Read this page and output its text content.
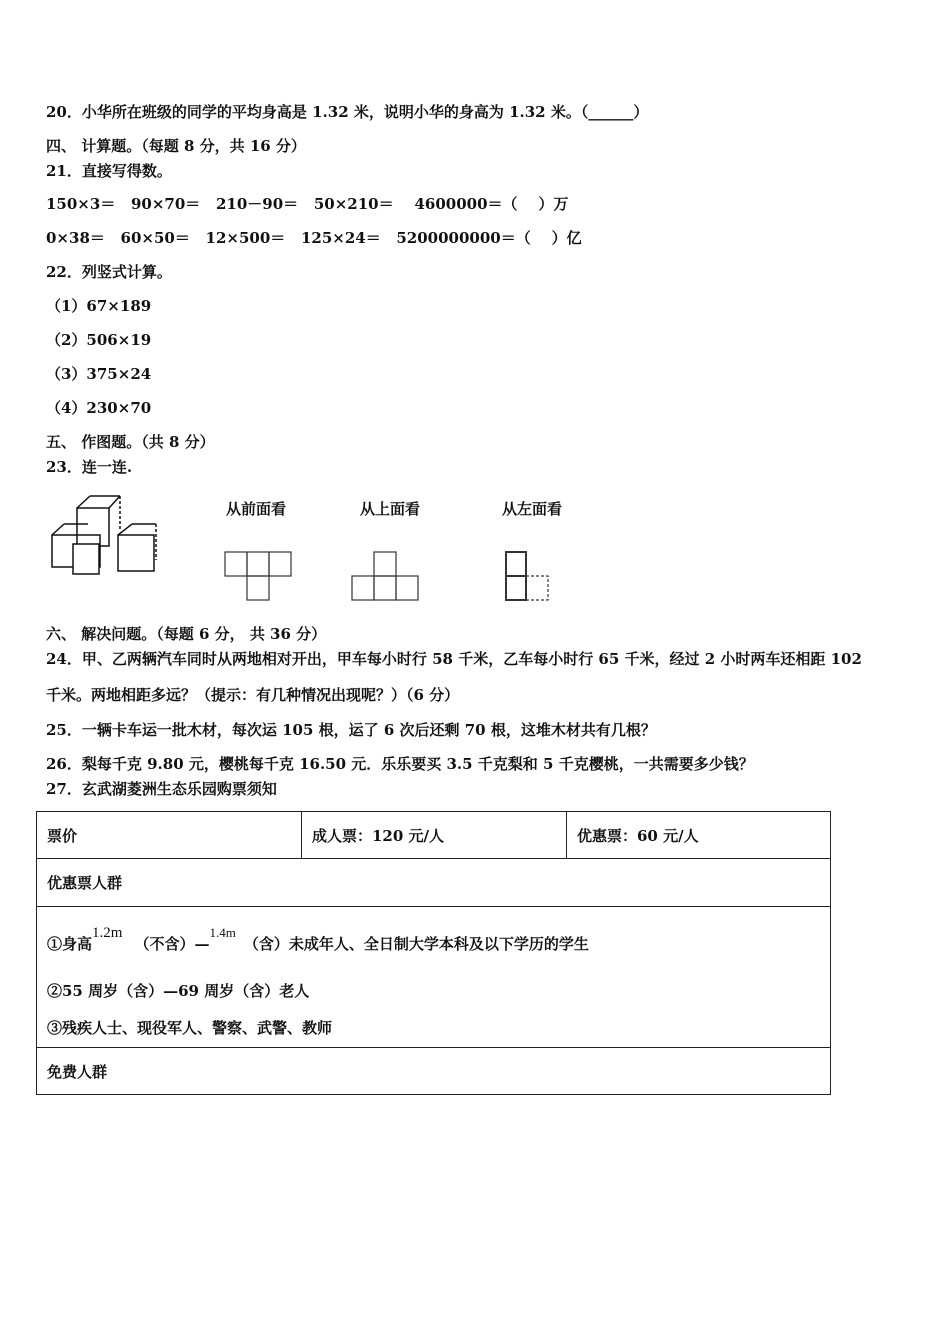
20．小华所在班级的同学的平均身高是 1.32 米，说明小华的身高为 1.32 米。（______）
四、 计算题。（每题 8 分，共 16 分）
21．直接写得数。
150×3＝   90×70＝   210－90＝   50×210＝    4600000＝（    ）万
0×38＝   60×50＝   12×500＝   125×24＝   5200000000＝（    ）亿
22．列竖式计算。
（1）67×189
（2）506×19
（3）375×24
（4）230×70
五、 作图题。（共 8 分）
23．连一连.
从前面看	从上面看	从左面看
六、 解决问题。（每题 6 分， 共 36 分）
24．甲、乙两辆汽车同时从两地相对开出，甲车每小时行 58 千米，乙车每小时行 65 千米，经过 2 小时两车还相距 102
千米。两地相距多远？（提示：有几种情况出现呢？）（6 分）
25．一辆卡车运一批木材，每次运 105 根，运了 6 次后还剩 70 根，这堆木材共有几根？
26．梨每千克 9.80 元，樱桃每千克 16.50 元．乐乐要买 3.5 千克梨和 5 千克樱桃，一共需要多少钱？
27．玄武湖菱洲生态乐园购票须知
票价	成人票：120 元/人	优惠票：60 元/人
优惠票人群

①身高$^{1.2m}$（不含）—$^{1.4m}$（含）未成年人、全日制大学本科及以下学历的学生
②55 周岁（含）—69 周岁（含）老人
③残疾人士、现役军人、警察、武警、教师

免费人群
